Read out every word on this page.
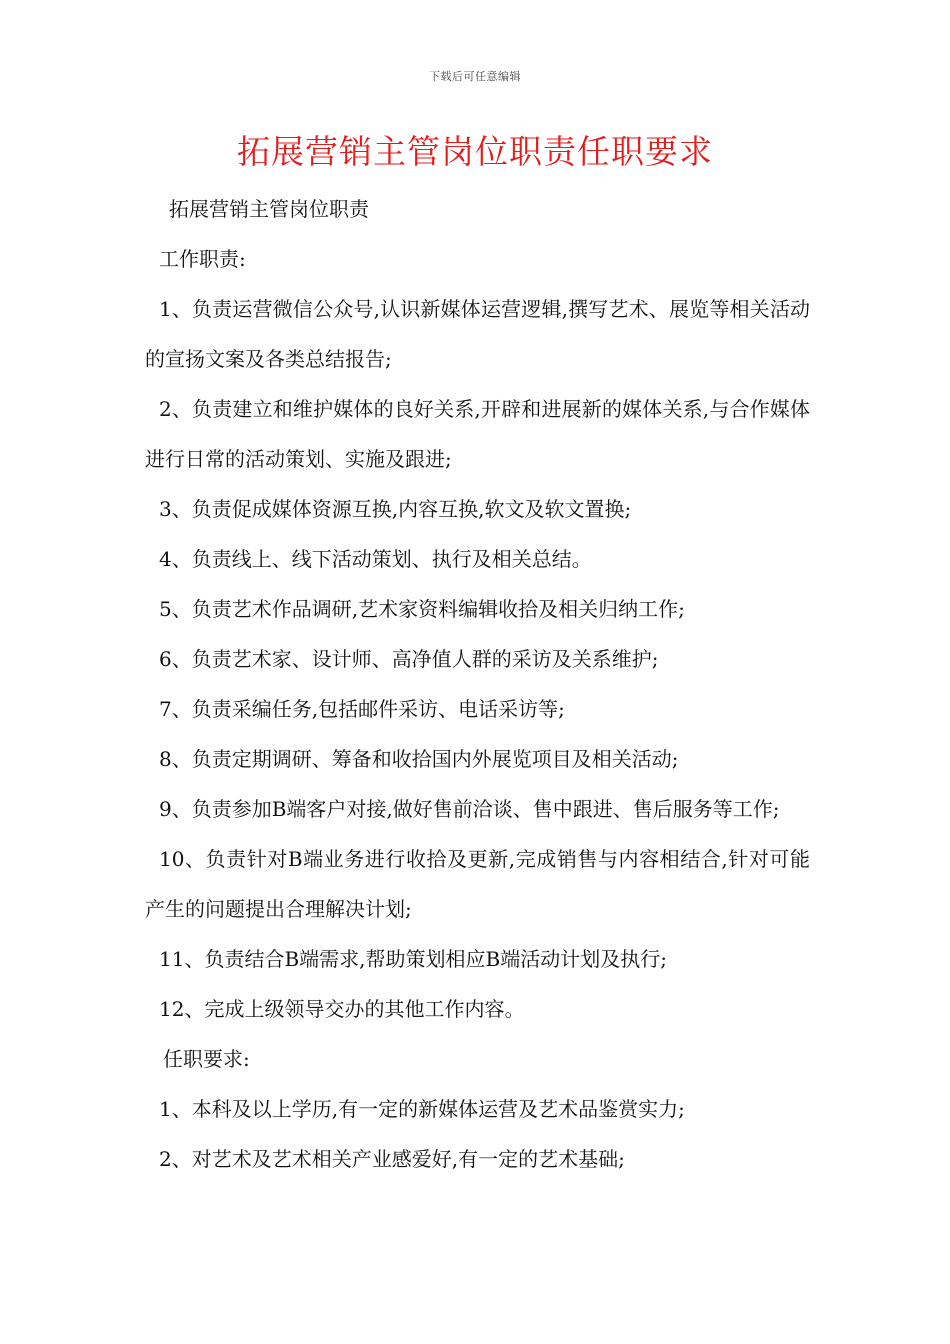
下载后可任意编辑
拓展营销主管岗位职责任职要求

拓展营销主管岗位职责

工作职责:

1、负责运营微信公众号,认识新媒体运营逻辑,撰写艺术、展览等相关活动的宣扬文案及各类总结报告;

2、负责建立和维护媒体的良好关系,开辟和进展新的媒体关系,与合作媒体进行日常的活动策划、实施及跟进;

3、负责促成媒体资源互换,内容互换,软文及软文置换;

4、负责线上、线下活动策划、执行及相关总结。

5、负责艺术作品调研,艺术家资料编辑收拾及相关归纳工作;

6、负责艺术家、设计师、高净值人群的采访及关系维护;

7、负责采编任务,包括邮件采访、电话采访等;

8、负责定期调研、筹备和收拾国内外展览项目及相关活动;

9、负责参加B端客户对接,做好售前洽谈、售中跟进、售后服务等工作;

10、负责针对B端业务进行收拾及更新,完成销售与内容相结合,针对可能产生的问题提出合理解决计划;

11、负责结合B端需求,帮助策划相应B端活动计划及执行;

12、完成上级领导交办的其他工作内容。

任职要求:

1、本科及以上学历,有一定的新媒体运营及艺术品鉴赏实力;

2、对艺术及艺术相关产业感爱好,有一定的艺术基础;
